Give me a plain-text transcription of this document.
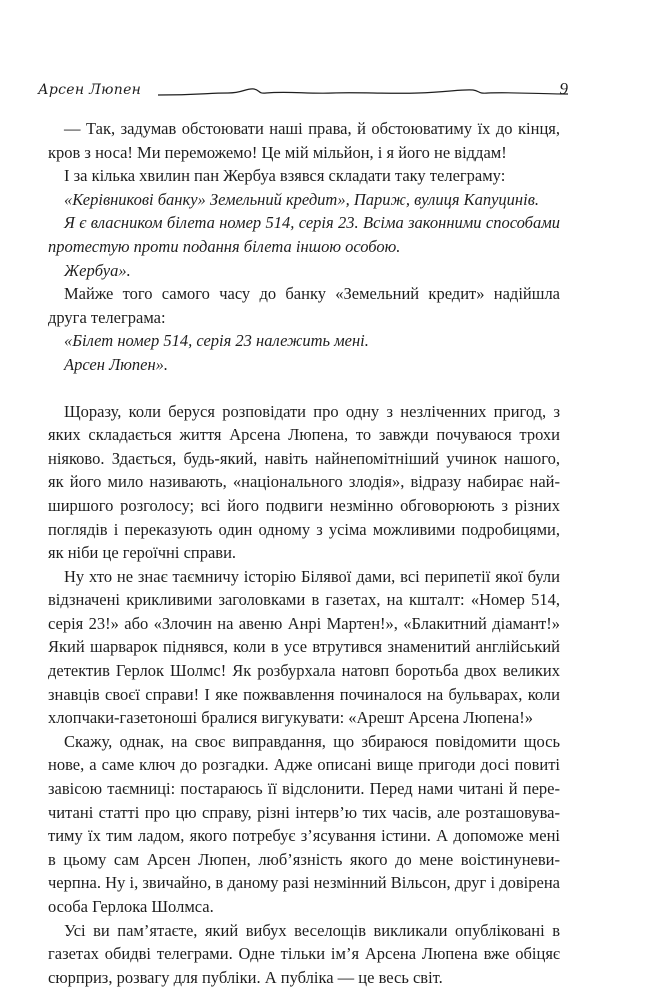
Арсен Люпен	9

— Так, задумав обстоювати наші права, й обстоюватиму їх до кінця, кров з носа! Ми переможемо! Це мій мільйон, і я його не віддам!

І за кілька хвилин пан Жербуа взявся складати таку телеграму:

«Керівникові банку» Земельний кредит», Париж, вулиця Капуцинів.

Я є власником білета номер 514, серія 23. Всіма законними способами протестую проти подання білета іншою особою.

Жербуа».

Майже того самого часу до банку «Земельний кредит» надійшла друга телеграма:

«Білет номер 514, серія 23 належить мені.

Арсен Люпен».

Щоразу, коли беруся розповідати про одну з незліченних пригод, з яких складається життя Арсена Люпена, то завжди почуваюся трохи ніяково. Здається, будь-який, навіть найнепомітніший учинок нашого, як його мило називають, «національного злодія», відразу набирає найширшого розголосу; всі його подвиги незмінно обговорюють з різних поглядів і переказують один одному з усіма можливими подробицями, як ніби це героїчні справи.

Ну хто не знає таємничу історію Білявої дами, всі перипетії якої були відзначені крикливими заголовками в газетах, на кшталт: «Номер 514, серія 23!» або «Злочин на авеню Анрі Мартен!», «Блакитний діамант!» Який шарварок піднявся, коли в усе втрутився знаменитий англійський детектив Герлок Шолмс! Як розбурхала натовп боротьба двох великих знавців своєї справи! І яке пожвавлення починалося на бульварах, коли хлопчаки-газетоноші бралися вигукувати: «Арешт Арсена Люпена!»

Скажу, однак, на своє виправдання, що збираюся повідомити щось нове, а саме ключ до розгадки. Адже описані вище пригоди досі повиті завісою таємниці: постараюсь її відслонити. Перед нами читані й перечитані статті про цю справу, різні інтерв’ю тих часів, але розташовуватиму їх тим ладом, якого потребує з’ясування істини. А допоможе мені в цьому сам Арсен Люпен, люб’язність якого до мене воістинуневичерпна. Ну і, звичайно, в даному разі незмінний Вільсон, друг і довірена особа Герлока Шолмса.

Усі ви пам’ятаєте, який вибух веселощів викликали опубліковані в газетах обидві телеграми. Одне тільки ім’я Арсена Люпена вже обіцяє сюрприз, розвагу для публіки. А публіка — це весь світ.
